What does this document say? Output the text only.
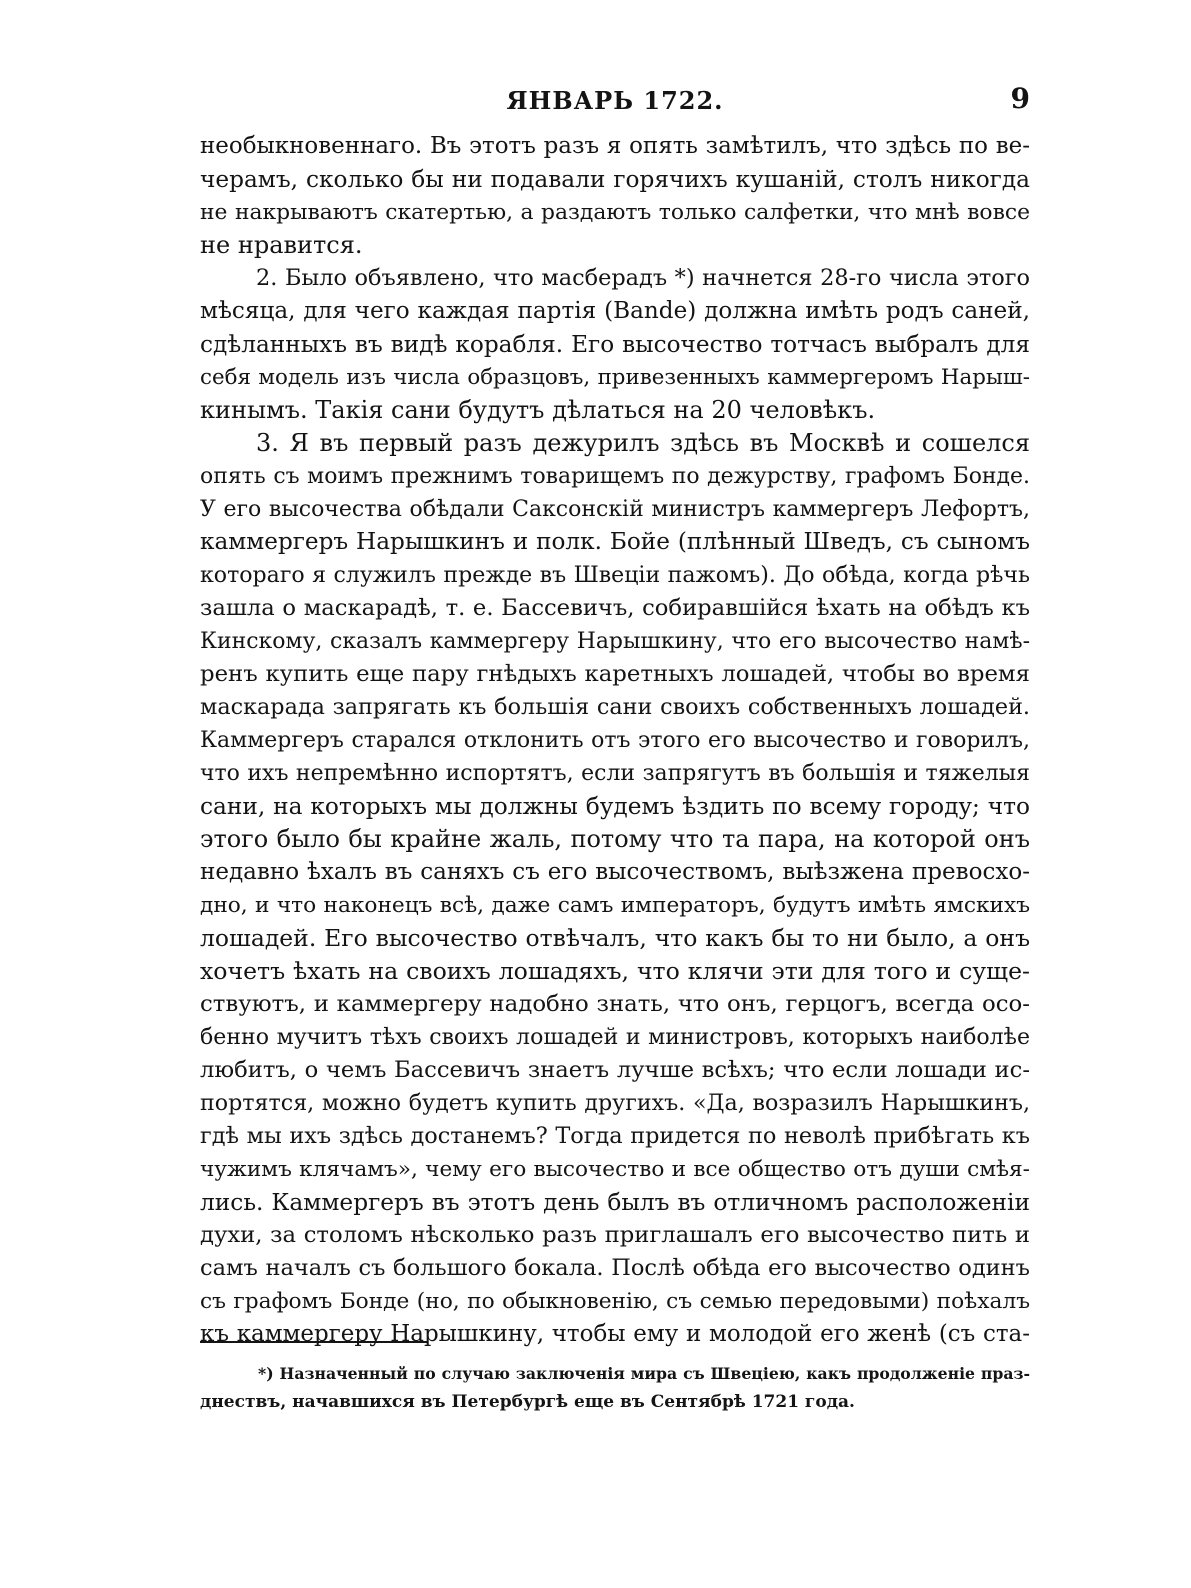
ЯНВАРЬ 1722.	9
необыкновеннаго. Въ этотъ разъ я опять замѣтилъ, что здѣсь по ве-
черамъ, сколько бы ни подавали горячихъ кушаній, столъ никогда
не накрываютъ скатертью, а раздаютъ только салфетки, что мнѣ вовсе
не нравится.
2. Было объявлено, что масберадъ *) начнется 28-го числа этого
мѣсяца, для чего каждая партія (Bande) должна имѣть родъ саней,
сдѣланныхъ въ видѣ корабля. Его высочество тотчасъ выбралъ для
себя модель изъ числа образцовъ, привезенныхъ каммергеромъ Нарыш-
кинымъ. Такія сани будутъ дѣлаться на 20 человѣкъ.
3. Я въ первый разъ дежурилъ здѣсь въ Москвѣ и сошелся
опять съ моимъ прежнимъ товарищемъ по дежурству, графомъ Бонде.
У его высочества обѣдали Саксонскій министръ каммергеръ Лефортъ,
каммергеръ Нарышкинъ и полк. Бойе (плѣнный Шведъ, съ сыномъ
котораго я служилъ прежде въ Швеціи пажомъ). До обѣда, когда рѣчь
зашла о маскарадѣ, т. е. Бассевичъ, собиравшійся ѣхать на обѣдъ къ
Кинскому, сказалъ каммергеру Нарышкину, что его высочество намѣ-
ренъ купить еще пару гнѣдыхъ каретныхъ лошадей, чтобы во время
маскарада запрягать къ большія сани своихъ собственныхъ лошадей.
Каммергеръ старался отклонить отъ этого его высочество и говорилъ,
что ихъ непремѣнно испортятъ, если запрягутъ въ большія и тяжелыя
сани, на которыхъ мы должны будемъ ѣздить по всему городу; что
этого было бы крайне жаль, потому что та пара, на которой онъ
недавно ѣхалъ въ саняхъ съ его высочествомъ, выѣзжена превосхо-
дно, и что наконецъ всѣ, даже самъ императоръ, будутъ имѣть ямскихъ
лошадей. Его высочество отвѣчалъ, что какъ бы то ни было, а онъ
хочетъ ѣхать на своихъ лошадяхъ, что клячи эти для того и суще-
ствуютъ, и каммергеру надобно знать, что онъ, герцогъ, всегда осо-
бенно мучитъ тѣхъ своихъ лошадей и министровъ, которыхъ наиболѣе
любитъ, о чемъ Бассевичъ знаетъ лучше всѣхъ; что если лошади ис-
портятся, можно будетъ купить другихъ. «Да, возразилъ Нарышкинъ,
гдѣ мы ихъ здѣсь достанемъ? Тогда придется по неволѣ прибѣгать къ
чужимъ клячамъ», чему его высочество и все общество отъ души смѣя-
лись. Каммергеръ въ этотъ день былъ въ отличномъ расположеніи
духи, за столомъ нѣсколько разъ приглашалъ его высочество пить и
самъ началъ съ большого бокала. Послѣ обѣда его высочество одинъ
съ графомъ Бонде (но, по обыкновенію, съ семью передовыми) поѣхалъ
къ каммергеру Нарышкину, чтобы ему и молодой его женѣ (съ ста-
*) Назначенный по случаю заключенія мира съ Швеціею, какъ продолженіе праз-
днествъ, начавшихся въ Петербургѣ еще въ Сентябрѣ 1721 года.
